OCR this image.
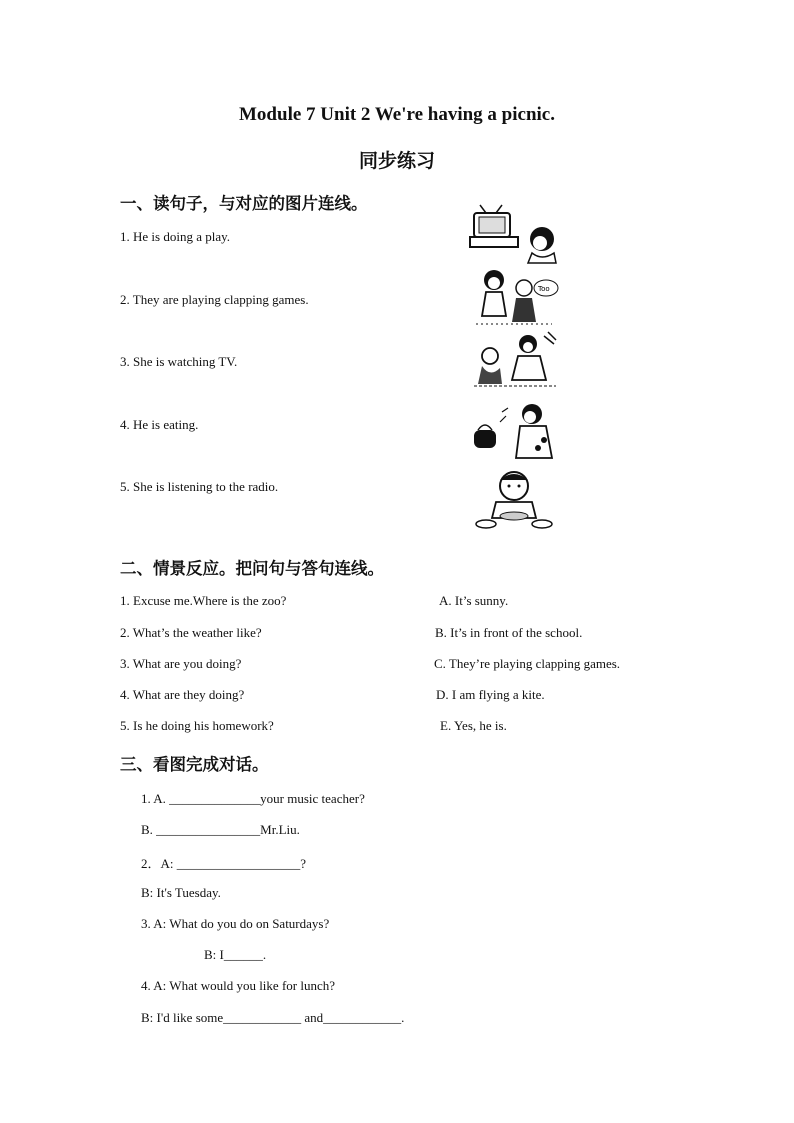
Module 7 Unit 2 We're having a picnic.
同步练习
一、读句子，与对应的图片连线。
1. He is doing a play.
2. They are playing clapping games.
3. She is watching TV.
4. He is eating.
5. She is listening to the radio.
Too
二、情景反应。把问句与答句连线。
1. Excuse me.Where is the zoo?
2. What’s the weather like?
3. What are you doing?
4. What are they doing?
5. Is he doing his homework?
A. It’s sunny.
B. It’s in front of the school.
C. They’re playing clapping games.
D. I am flying a kite.
E. Yes, he is.
三、看图完成对话。
1. A. ______________your music teacher?
B. ________________Mr.Liu.
2．A: ___________________?
B: It's Tuesday.
3. A: What do you do on Saturdays?
B: I______.
4. A: What would you like for lunch?
B: I'd like some____________ and____________.
